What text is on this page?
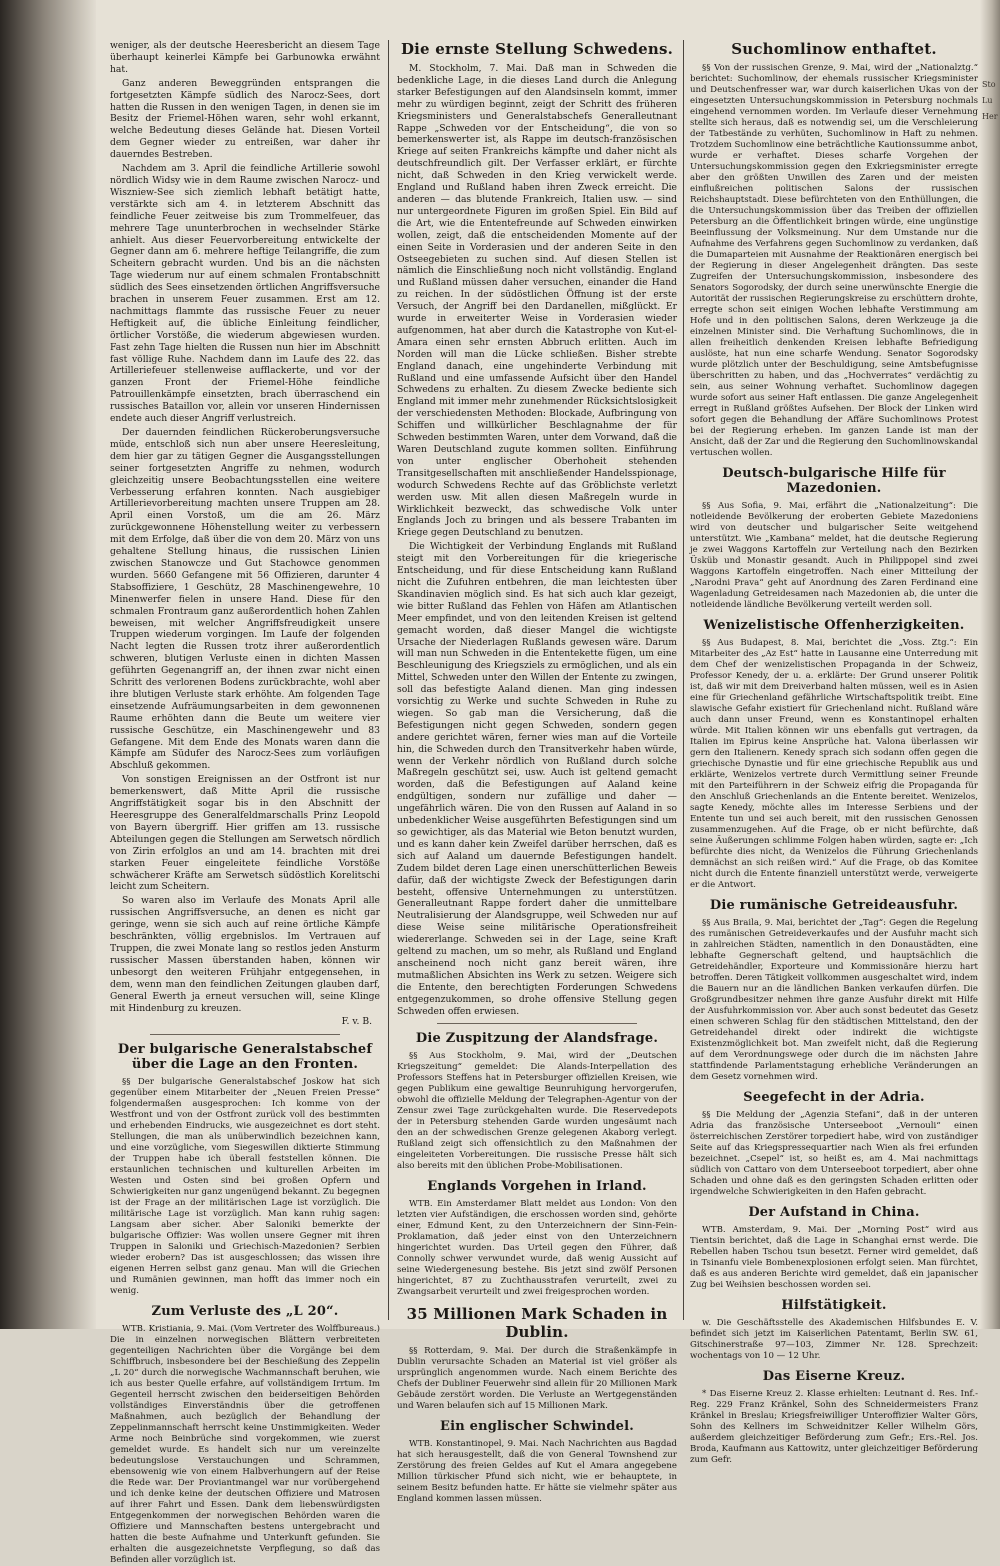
Sto
Lu
Her

weniger, als der deutsche Heeresbericht an diesem Tage überhaupt keinerlei Kämpfe bei Garbunowka erwähnt hat.

Ganz anderen Beweggründen entsprangen die fortgesetzten Kämpfe südlich des Narocz-Sees, dort hatten die Russen in den wenigen Tagen, in denen sie im Besitz der Friemel-Höhen waren, sehr wohl erkannt, welche Bedeutung dieses Gelände hat. Diesen Vorteil dem Gegner wieder zu entreißen, war daher ihr dauerndes Bestreben.

Nachdem am 3. April die feindliche Artillerie sowohl nördlich Widsy wie in dem Raume zwischen Narocz- und Wiszniew-See sich ziemlich lebhaft betätigt hatte, verstärkte sich am 4. in letzterem Abschnitt das feindliche Feuer zeitweise bis zum Trommelfeuer, das mehrere Tage ununterbrochen in wechselnder Stärke anhielt. Aus dieser Feuervorbereitung entwickelte der Gegner dann am 6. mehrere heftige Teilangriffe, die zum Scheitern gebracht wurden. Und bis an die nächsten Tage wiederum nur auf einem schmalen Frontabschnitt südlich des Sees einsetzenden örtlichen Angriffsversuche brachen in unserem Feuer zusammen. Erst am 12. nachmittags flammte das russische Feuer zu neuer Heftigkeit auf, die übliche Einleitung feindlicher, örtlicher Vorstöße, die wiederum abgewiesen wurden. Fast zehn Tage hielten die Russen nun hier im Abschnitt fast völlige Ruhe. Nachdem dann im Laufe des 22. das Artilleriefeuer stellenweise aufflackerte, und vor der ganzen Front der Friemel-Höhe feindliche Patrouillenkämpfe einsetzten, brach überraschend ein russisches Bataillon vor, allein vor unseren Hindernissen endete auch dieser Angriff verlustreich.

Der dauernden feindlichen Rückeroberungsversuche müde, entschloß sich nun aber unsere Heeresleitung, dem hier gar zu tätigen Gegner die Ausgangsstellungen seiner fortgesetzten Angriffe zu nehmen, wodurch gleichzeitig unsere Beobachtungsstellen eine weitere Verbesserung erfahren konnten. Nach ausgiebiger Artillerievorbereitung machten unsere Truppen am 28. April einen Vorstoß, um die am 26. März zurückgewonnene Höhenstellung weiter zu verbessern mit dem Erfolge, daß über die von dem 20. März von uns gehaltene Stellung hinaus, die russischen Linien zwischen Stanowcze und Gut Stachowce genommen wurden. 5660 Gefangene mit 56 Offizieren, darunter 4 Stabsoffiziere, 1 Geschütz, 28 Maschinengewehre, 10 Minenwerfer fielen in unsere Hand. Diese für den schmalen Frontraum ganz außerordentlich hohen Zahlen beweisen, mit welcher Angriffsfreudigkeit unsere Truppen wiederum vorgingen. Im Laufe der folgenden Nacht legten die Russen trotz ihrer außerordentlich schweren, blutigen Verluste einen in dichten Massen geführten Gegenangriff an, der ihnen zwar nicht einen Schritt des verlorenen Bodens zurückbrachte, wohl aber ihre blutigen Verluste stark erhöhte. Am folgenden Tage einsetzende Aufräumungsarbeiten in dem gewonnenen Raume erhöhten dann die Beute um weitere vier russische Geschütze, ein Maschinengewehr und 83 Gefangene. Mit dem Ende des Monats waren dann die Kämpfe am Südufer des Narocz-Sees zum vorläufigen Abschluß gekommen.

Von sonstigen Ereignissen an der Ostfront ist nur bemerkenswert, daß Mitte April die russische Angriffstätigkeit sogar bis in den Abschnitt der Heeresgruppe des Generalfeldmarschalls Prinz Leopold von Bayern übergriff. Hier griffen am 13. russische Abteilungen gegen die Stellungen am Serwetsch nördlich von Zirin erfolglos an und am 14. brachten mit drei starken Feuer eingeleitete feindliche Vorstöße schwächerer Kräfte am Serwetsch südöstlich Korelitschi leicht zum Scheitern.

So waren also im Verlaufe des Monats April alle russischen Angriffsversuche, an denen es nicht gar geringe, wenn sie sich auch auf reine örtliche Kämpfe beschränkten, völlig ergebnislos. Im Vertrauen auf Truppen, die zwei Monate lang so restlos jeden Ansturm russischer Massen überstanden haben, können wir unbesorgt den weiteren Frühjahr entgegensehen, in dem, wenn man den feindlichen Zeitungen glauben darf, General Ewerth ja erneut versuchen will, seine Klinge mit Hindenburg zu kreuzen.

F. v. B.
Der bulgarische Generalstabschef über die Lage an den Fronten.

§§ Der bulgarische Generalstabschef Joskow hat sich gegenüber einem Mitarbeiter der „Neuen Freien Presse“ folgendermaßen ausgesprochen: Ich komme von der Westfront und von der Ostfront zurück voll des bestimmten und erhebenden Eindrucks, wie ausgezeichnet es dort steht. Stellungen, die man als unüberwindlich bezeichnen kann, und eine vorzügliche, vom Siegeswillen diktierte Stimmung der Truppen habe ich überall feststellen können. Die erstaunlichen technischen und kulturellen Arbeiten im Westen und Osten sind bei großen Opfern und Schwierigkeiten nur ganz ungenügend bekannt. Zu begegnen ist der Frage an der militärischen Lage ist vorzüglich. Die militärische Lage ist vorzüglich. Man kann ruhig sagen: Langsam aber sicher. Aber Saloniki bemerkte der bulgarische Offizier: Was wollen unsere Gegner mit ihren Truppen in Saloniki und Griechisch-Mazedonien? Serbien wieder erobern? Das ist ausgeschlossen; das wissen ihre eigenen Herren selbst ganz genau. Man will die Griechen und Rumänien gewinnen, man hofft das immer noch ein wenig.

Zum Verluste des „L 20“.

WTB. Kristiania, 9. Mai. (Vom Vertreter des Wolffbureaus.) Die in einzelnen norwegischen Blättern verbreiteten gegenteiligen Nachrichten über die Vorgänge bei dem Schiffbruch, insbesondere bei der Beschießung des Zeppelin „L 20“ durch die norwegische Wachmannschaft beruhen, wie ich aus bester Quelle erfahre, auf vollständigem Irrtum. Im Gegenteil herrscht zwischen den beiderseitigen Behörden vollständiges Einverständnis über die getroffenen Maßnahmen, auch bezüglich der Behandlung der Zeppelinmannschaft herrscht keine Unstimmigkeiten. Weder Arme noch Beinbrüche sind vorgekommen, wie zuerst gemeldet wurde. Es handelt sich nur um vereinzelte bedeutungslose Verstauchungen und Schrammen, ebensowenig wie von einem Halbverhungern auf der Reise die Rede war. Der Proviantmangel war nur vorübergehend und ich denke keine der deutschen Offiziere und Matrosen auf ihrer Fahrt und Essen. Dank dem liebenswürdigsten Entgegenkommen der norwegischen Behörden waren die Offiziere und Mannschaften bestens untergebracht und hatten die beste Aufnahme und Unterkunft gefunden. Sie erhalten die ausgezeichnetste Verpflegung, so daß das Befinden aller vorzüglich ist.

Die ernste Stellung Schwedens.

M. Stockholm, 7. Mai. Daß man in Schweden die bedenkliche Lage, in die dieses Land durch die Anlegung starker Befestigungen auf den Alandsinseln kommt, immer mehr zu würdigen beginnt, zeigt der Schritt des früheren Kriegsministers und Generalstabschefs Generalleutnant Rappe „Schweden vor der Entscheidung“, die von so bemerkenswerter ist, als Rappe im deutsch-französischen Kriege auf seiten Frankreichs kämpfte und daher nicht als deutschfreundlich gilt. Der Verfasser erklärt, er fürchte nicht, daß Schweden in den Krieg verwickelt werde. England und Rußland haben ihren Zweck erreicht. Die anderen — das blutende Frankreich, Italien usw. — sind nur untergeordnete Figuren im großen Spiel. Ein Bild auf die Art, wie die Ententefreunde auf Schweden einwirken wollen, zeigt, daß die entscheidenden Momente auf der einen Seite in Vorderasien und der anderen Seite in den Ostseegebieten zu suchen sind. Auf diesen Stellen ist nämlich die Einschließung noch nicht vollständig. England und Rußland müssen daher versuchen, einander die Hand zu reichen. In der südöstlichen Öffnung ist der erste Versuch, der Angriff bei den Dardanellen, mißglückt. Er wurde in erweiterter Weise in Vorderasien wieder aufgenommen, hat aber durch die Katastrophe von Kut-el-Amara einen sehr ernsten Abbruch erlitten. Auch im Norden will man die Lücke schließen. Bisher strebte England danach, eine ungehinderte Verbindung mit Rußland und eine umfassende Aufsicht über den Handel Schwedens zu erhalten. Zu diesem Zwecke bediente sich England mit immer mehr zunehmender Rücksichtslosigkeit der verschiedensten Methoden: Blockade, Aufbringung von Schiffen und willkürlicher Beschlagnahme der für Schweden bestimmten Waren, unter dem Vorwand, daß die Waren Deutschland zugute kommen sollten. Einführung von unter englischer Oberhoheit stehenden Transitgesellschaften mit anschließender Handelsspionage, wodurch Schwedens Rechte auf das Gröblichste verletzt werden usw. Mit allen diesen Maßregeln wurde in Wirklichkeit bezweckt, das schwedische Volk unter Englands Joch zu bringen und als bessere Trabanten im Kriege gegen Deutschland zu benutzen.

Die Wichtigkeit der Verbindung Englands mit Rußland steigt mit den Vorbereitungen für die kriegerische Entscheidung, und für diese Entscheidung kann Rußland nicht die Zufuhren entbehren, die man leichtesten über Skandinavien möglich sind. Es hat sich auch klar gezeigt, wie bitter Rußland das Fehlen von Häfen am Atlantischen Meer empfindet, und von den leitenden Kreisen ist geltend gemacht worden, daß dieser Mangel die wichtigste Ursache der Niederlagen Rußlands gewesen wäre. Darum will man nun Schweden in die Ententekette fügen, um eine Beschleunigung des Kriegsziels zu ermöglichen, und als ein Mittel, Schweden unter den Willen der Entente zu zwingen, soll das befestigte Aaland dienen. Man ging indessen vorsichtig zu Werke und suchte Schweden in Ruhe zu wiegen. So gab man die Versicherung, daß die Befestigungen nicht gegen Schweden, sondern gegen andere gerichtet wären, ferner wies man auf die Vorteile hin, die Schweden durch den Transitverkehr haben würde, wenn der Verkehr nördlich von Rußland durch solche Maßregeln geschützt sei, usw. Auch ist geltend gemacht worden, daß die Befestigungen auf Aaland keine endgültigen, sondern nur zufällige und daher — ungefährlich wären. Die von den Russen auf Aaland in so unbedenklicher Weise ausgeführten Befestigungen sind um so gewichtiger, als das Material wie Beton benutzt wurden, und es kann daher kein Zweifel darüber herrschen, daß es sich auf Aaland um dauernde Befestigungen handelt. Zudem bildet deren Lage einen unerschütterlichen Beweis dafür, daß der wichtigste Zweck der Befestigungen darin besteht, offensive Unternehmungen zu unterstützen. Generalleutnant Rappe fordert daher die unmittelbare Neutralisierung der Alandsgruppe, weil Schweden nur auf diese Weise seine militärische Operationsfreiheit wiedererlange. Schweden sei in der Lage, seine Kraft geltend zu machen, um so mehr, als Rußland und England anscheinend noch nicht ganz bereit wären, ihre mutmaßlichen Absichten ins Werk zu setzen. Weigere sich die Entente, den berechtigten Forderungen Schwedens entgegenzukommen, so drohe offensive Stellung gegen Schweden offen erwiesen.

Die Zuspitzung der Alandsfrage.

§§ Aus Stockholm, 9. Mai, wird der „Deutschen Kriegszeitung“ gemeldet: Die Alands-Interpellation des Professors Steffens hat in Petersburger offiziellen Kreisen, wie gegen Publikum eine gewaltige Beunruhigung hervorgerufen, obwohl die offizielle Meldung der Telegraphen-Agentur von der Zensur zwei Tage zurückgehalten wurde. Die Reservedepots der in Petersburg stehenden Garde wurden ungesäumt nach den an der schwedischen Grenze gelegenen Akaborg verlegt. Rußland zeigt sich offensichtlich zu den Maßnahmen der eingeleiteten Vorbereitungen. Die russische Presse hält sich also bereits mit den üblichen Probe-Mobilisationen.

Englands Vorgehen in Irland.

WTB. Ein Amsterdamer Blatt meldet aus London: Von den letzten vier Aufständigen, die erschossen worden sind, gehörte einer, Edmund Kent, zu den Unterzeichnern der Sinn-Fein-Proklamation, daß jeder einst von den Unterzeichnern hingerichtet wurden. Das Urteil gegen den Führer, daß Connolly schwer verwundet wurde, daß wenig Aussicht auf seine Wiedergenesung bestehe. Bis jetzt sind zwölf Personen hingerichtet, 87 zu Zuchthausstrafen verurteilt, zwei zu Zwangsarbeit verurteilt und zwei freigesprochen worden.

35 Millionen Mark Schaden in Dublin.

§§ Rotterdam, 9. Mai. Der durch die Straßenkämpfe in Dublin verursachte Schaden an Material ist viel größer als ursprünglich angenommen wurde. Nach einem Berichte des Chefs der Dubliner Feuerwehr sind allein für 20 Millionen Mark Gebäude zerstört worden. Die Verluste an Wertgegenständen und Waren belaufen sich auf 15 Millionen Mark.

Ein englischer Schwindel.

WTB. Konstantinopel, 9. Mai. Nach Nachrichten aus Bagdad hat sich herausgestellt, daß die von General Townshend zur Zerstörung des freien Geldes auf Kut el Amara angegebene Million türkischer Pfund sich nicht, wie er behauptete, in seinem Besitz befunden hatte. Er hätte sie vielmehr später aus England kommen lassen müssen.

Suchomlinow enthaftet.

§§ Von der russischen Grenze, 9. Mai, wird der „Nationalztg.“ berichtet: Suchomlinow, der ehemals russischer Kriegsminister und Deutschenfresser war, war durch kaiserlichen Ukas von der eingesetzten Untersuchungskommission in Petersburg nochmals eingehend vernommen worden. Im Verlaufe dieser Vernehmung stellte sich heraus, daß es notwendig sei, um die Verschleierung der Tatbestände zu verhüten, Suchomlinow in Haft zu nehmen. Trotzdem Suchomlinow eine beträchtliche Kautionssumme anbot, wurde er verhaftet. Dieses scharfe Vorgehen der Untersuchungskommission gegen den Exkriegsminister erregte aber den größten Unwillen des Zaren und der meisten einflußreichen politischen Salons der russischen Reichshauptstadt. Diese befürchteten von den Enthüllungen, die die Untersuchungskommission über das Treiben der offiziellen Petersburg an die Öffentlichkeit bringen würde, eine ungünstige Beeinflussung der Volksmeinung. Nur dem Umstande nur die Aufnahme des Verfahrens gegen Suchomlinow zu verdanken, daß die Dumaparteien mit Ausnahme der Reaktionären energisch bei der Regierung in dieser Angelegenheit drängten. Das seste Zugreifen der Untersuchungskommission, insbesondere des Senators Sogorodsky, der durch seine unerwünschte Energie die Autorität der russischen Regierungskreise zu erschüttern drohte, erregte schon seit einigen Wochen lebhafte Verstimmung am Hofe und in den politischen Salons, deren Werkzeuge ja die einzelnen Minister sind. Die Verhaftung Suchomlinows, die in allen freiheitlich denkenden Kreisen lebhafte Befriedigung auslöste, hat nun eine scharfe Wendung. Senator Sogorodsky wurde plötzlich unter der Beschuldigung, seine Amtsbefugnisse überschritten zu haben, und das „Hochverrates“ verdächtig zu sein, aus seiner Wohnung verhaftet. Suchomlinow dagegen wurde sofort aus seiner Haft entlassen. Die ganze Angelegenheit erregt in Rußland größtes Aufsehen. Der Block der Linken wird sofort gegen die Behandlung der Affäre Suchomlinows Protest bei der Regierung erheben. Im ganzen Lande ist man der Ansicht, daß der Zar und die Regierung den Suchomlinowskandal vertuschen wollen.

Deutsch-bulgarische Hilfe für Mazedonien.

§§ Aus Sofia, 9. Mai, erfährt die „Nationalzeitung“: Die notleidende Bevölkerung der eroberten Gebiete Mazedoniens wird von deutscher und bulgarischer Seite weitgehend unterstützt. Wie „Kambana“ meldet, hat die deutsche Regierung je zwei Waggons Kartoffeln zur Verteilung nach den Bezirken Üsküb und Monastir gesandt. Auch in Philippopel sind zwei Waggons Kartoffeln eingetroffen. Nach einer Mitteilung der „Narodni Prava“ geht auf Anordnung des Zaren Ferdinand eine Wagenladung Getreidesamen nach Mazedonien ab, die unter die notleidende ländliche Bevölkerung verteilt werden soll.

Wenizelistische Offenherzigkeiten.

§§ Aus Budapest, 8. Mai, berichtet die „Voss. Ztg.“: Ein Mitarbeiter des „Az Est“ hatte in Lausanne eine Unterredung mit dem Chef der wenizelistischen Propaganda in der Schweiz, Professor Kenedy, der u. a. erklärte: Der Grund unserer Politik ist, daß wir mit dem Dreiverband halten müssen, weil es in Asien eine für Griechenland gefährliche Wirtschaftspolitik treibt. Eine slawische Gefahr existiert für Griechenland nicht. Rußland wäre auch dann unser Freund, wenn es Konstantinopel erhalten würde. Mit Italien können wir uns ebenfalls gut vertragen, da Italien im Epirus keine Ansprüche hat. Valona überlassen wir gern den Italienern. Kenedy sprach sich sodann offen gegen die griechische Dynastie und für eine griechische Republik aus und erklärte, Wenizelos vertrete durch Vermittlung seiner Freunde mit den Parteiführern in der Schweiz eifrig die Propaganda für den Anschluß Griechenlands an die Entente bereitet. Wenizelos, sagte Kenedy, möchte alles im Interesse Serbiens und der Entente tun und sei auch bereit, mit den russischen Genossen zusammenzugehen. Auf die Frage, ob er nicht befürchte, daß seine Äußerungen schlimme Folgen haben würden, sagte er: „Ich befürchte dies nicht, da Wenizelos die Führung Griechenlands demnächst an sich reißen wird.“ Auf die Frage, ob das Komitee nicht durch die Entente finanziell unterstützt werde, verweigerte er die Antwort.

Die rumänische Getreideausfuhr.

§§ Aus Braila, 9. Mai, berichtet der „Tag“: Gegen die Regelung des rumänischen Getreideverkaufes und der Ausfuhr macht sich in zahlreichen Städten, namentlich in den Donaustädten, eine lebhafte Gegnerschaft geltend, und hauptsächlich die Getreidehändler, Exporteure und Kommissionäre hierzu hart betroffen. Deren Tätigkeit vollkommen ausgeschaltet wird, indem die Bauern nur an die ländlichen Banken verkaufen dürfen. Die Großgrundbesitzer nehmen ihre ganze Ausfuhr direkt mit Hilfe der Ausfuhrkommission vor. Aber auch sonst bedeutet das Gesetz einen schweren Schlag für den städtischen Mittelstand, den der Getreidehandel direkt oder indirekt die wichtigste Existenzmöglichkeit bot. Man zweifelt nicht, daß die Regierung auf dem Verordnungswege oder durch die im nächsten Jahre stattfindende Parlamentstagung erhebliche Veränderungen an dem Gesetz vornehmen wird.

Seegefecht in der Adria.

§§ Die Meldung der „Agenzia Stefani“, daß in der unteren Adria das französische Unterseeboot „Vernouli“ einen österreichischen Zerstörer torpediert habe, wird von zuständiger Seite auf das Kriegspressequartier nach Wien als frei erfunden bezeichnet. „Csepel“ ist, so heißt es, am 4. Mai nachmittags südlich von Cattaro von dem Unterseeboot torpediert, aber ohne Schaden und ohne daß es den geringsten Schaden erlitten oder irgendwelche Schwierigkeiten in den Hafen gebracht.

Der Aufstand in China.

WTB. Amsterdam, 9. Mai. Der „Morning Post“ wird aus Tientsin berichtet, daß die Lage in Schanghai ernst werde. Die Rebellen haben Tschou tsun besetzt. Ferner wird gemeldet, daß in Tsinanfu viele Bombenexplosionen erfolgt seien. Man fürchtet, daß es aus anderen Berichte wird gemeldet, daß ein japanischer Zug bei Weihsien beschossen worden sei.

Hilfstätigkeit.

w. Die Geschäftsstelle des Akademischen Hilfsbundes E. V. befindet sich jetzt im Kaiserlichen Patentamt, Berlin SW. 61, Gitschinerstraße 97—103, Zimmer Nr. 128. Sprechzeit: wochentags von 10 — 12 Uhr.

Das Eiserne Kreuz.

* Das Eiserne Kreuz 2. Klasse erhielten: Leutnant d. Res. Inf.-Reg. 229 Franz Kränkel, Sohn des Schneidermeisters Franz Kränkel in Breslau; Kriegsfreiwilliger Unteroffizier Walter Görs, Sohn des Kellners im Schweidnitzer Keller Wilhelm Görs, außerdem gleichzeitiger Beförderung zum Gefr.; Ers.-Rel. Jos. Broda, Kaufmann aus Kattowitz, unter gleichzeitiger Beförderung zum Gefr.
